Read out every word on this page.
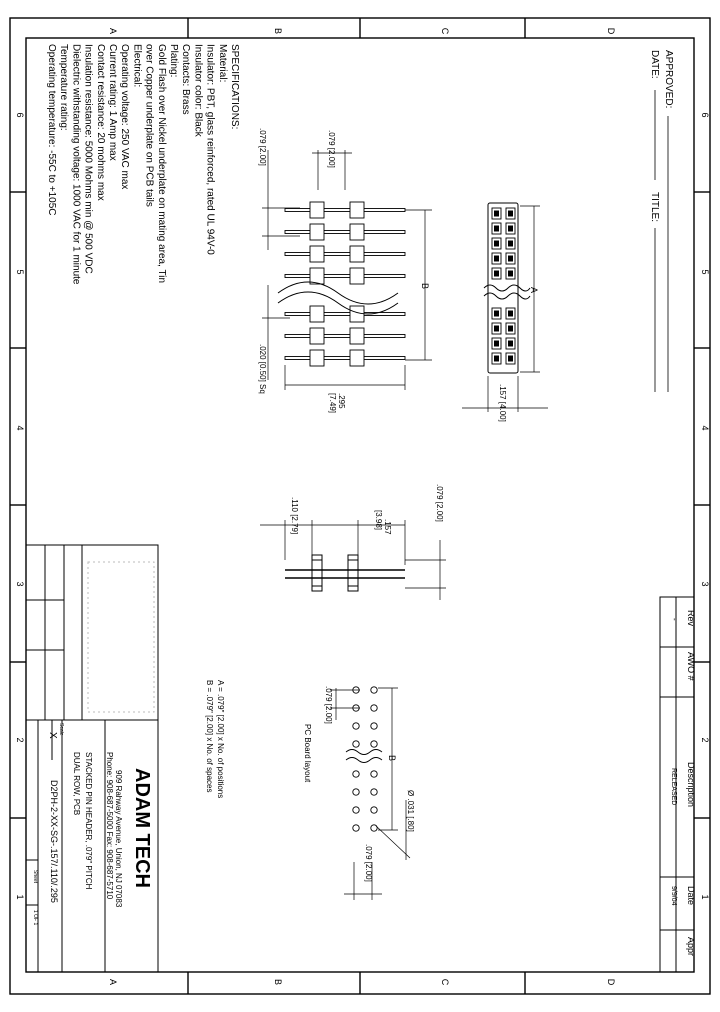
A	B	C	D
A	B	C	D
6
5
4
3
2
1
6
5
4
3
2
1
APPROVED:
DATE:
TITLE:
SPECIFICATIONS:
Material:
Insulator: PBT, glass reinforced, rated UL 94V-0
Insulator color: Black
Contacts: Brass
Plating:
Gold Flash over Nickel underplate on mating area, Tin
over Copper underplate on PCB tails
Electrical:
Operating voltage: 250 VAC max
Current rating: 1 Amp max
Contact resistance: 20 mohms max
Insulation resistance: 5000 Mohms min @ 500 VDC
Dielectric withstanding voltage: 1000 VAC for 1 minute
Temperature rating:
Operating temperature: -55C to +105C
A
.157 [4.00]
.079 [2.00]
.079 [2.00]
B
.295
[7.49]
.020 [0.50] Sq
.079 [2.00]
.157
[3.98]
.110 [2.79]
.079 [2.00]
B
Ø .031 [.80]
.079 [2.00]
PC Board layout
A = .079" [2.00] x No. of positions
B = .079" [2.00] x No. of spaces
Rev
AWO #
Description
Date
Appr
-
RELEASED
9/9/04
ADAM TECH
909 Rahway Avenue, Union, NJ 07083
Phone: 908-687-5000 Fax: 908-687-5710
STACKED PIN HEADER, .079" PITCH
DUAL ROW, PCB
D2PH-2-XX-SG-.157/.110/.295
Scale
X
Sheet
1 OF 1
